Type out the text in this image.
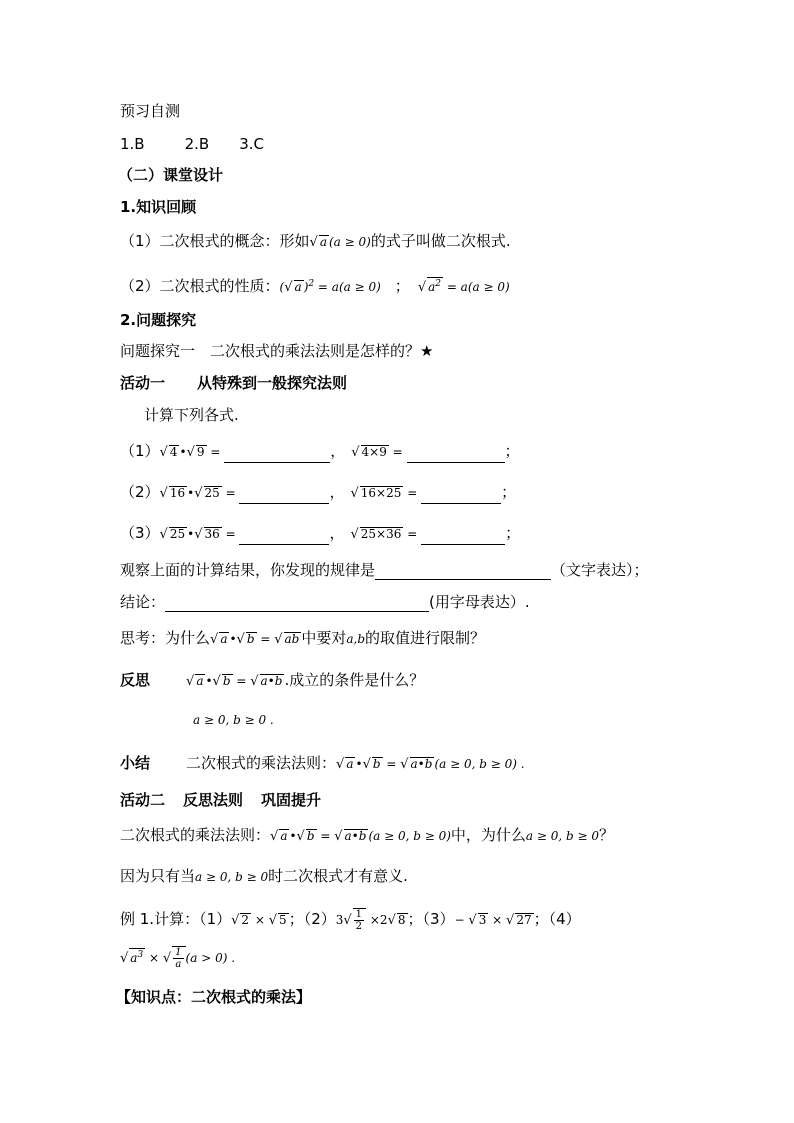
预习自测
1.B	2.B 3.C
（二）课堂设计
1.知识回顾
（1）二次根式的概念：形如√ a (a ≥ 0)的式子叫做二次根式.
（2）二次根式的性质：(√ a )$^2$ = a(a ≥ 0) ； √ $a^2 = a(a \ge 0)$
2.问题探究
问题探究一　二次根式的乘法法则是怎样的？★
活动一 从特殊到一般探究法则
计算下列各式.
（1）√ 4 •√ 9 =	， √ 4×9 =	；
（2）√ 16 •√ 25 =	， √ 16×25 =	；
（3）√ 25 •√ 36 =	， √ 25×36 =	；
观察上面的计算结果，你发现的规律是	（文字表达）；
结论：	(用字母表达）.
思考：为什么√ a •√ b = √ ab 中要对a,b的取值进行限制？
反思	√ a •√ b = √ a•b .成立的条件是什么？
a ≥ 0, b ≥ 0 .
小结 二次根式的乘法法则：√ a •√ b = √ a•b (a ≥ 0, b ≥ 0) .
活动二 反思法则 巩固提升
二次根式的乘法法则：√ a •√ b = √ a•b (a ≥ 0, b ≥ 0)中，为什么a ≥ 0, b ≥ 0？
因为只有当a ≥ 0, b ≥ 0时二次根式才有意义.
例 1.计算：（1）√ 2 × √ 5 ；$(2)3√ \frac{1}{2} \times 2√$ 8 ；（3）− √ 3 × √ 27 ；（4）
√ $a^3$ × √ $\frac{1}{a} (a > 0)$ .
【知识点：二次根式的乘法】
